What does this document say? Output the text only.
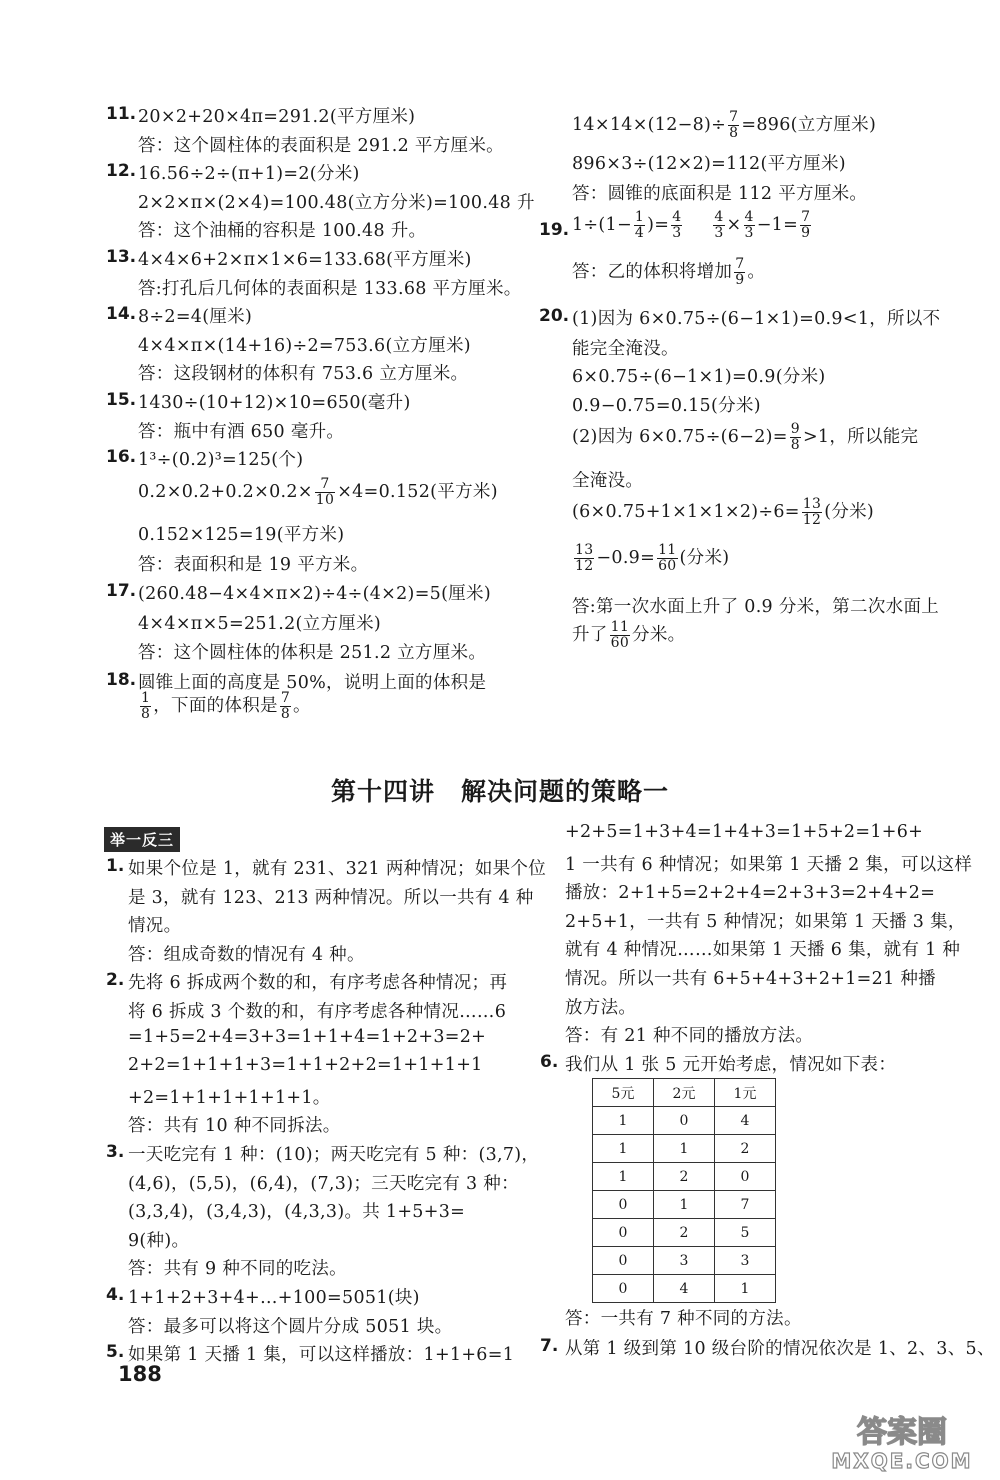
11. 20×2+20×4π=291.2(平方厘米)
答：这个圆柱体的表面积是 291.2 平方厘米。
12. 16.56÷2÷(π+1)=2(分米)
2×2×π×(2×4)=100.48(立方分米)=100.48 升
答：这个油桶的容积是 100.48 升。
13. 4×4×6+2×π×1×6=133.68(平方厘米)
答:打孔后几何体的表面积是 133.68 平方厘米。
14. 8÷2=4(厘米)
4×4×π×(14+16)÷2=753.6(立方厘米)
答：这段钢材的体积有 753.6 立方厘米。
15. 1430÷(10+12)×10=650(毫升)
答：瓶中有酒 650 毫升。
16. 1³÷(0.2)³=125(个)
$0.2\times 0.2+0.2\times 0.2\times \frac{7}{10} \times 4=0.152$(平方米)
0.152×125=19(平方米)
答：表面积和是 19 平方米。
17. (260.48−4×4×π×2)÷4÷(4×2)=5(厘米)
4×4×π×5=251.2(立方厘米)
答：这个圆柱体的体积是 251.2 立方厘米。
18. 圆锥上面的高度是 50%，说明上面的体积是
$\frac{1}{8}$ ，下面的体积是 $\frac{7}{8}$ 。
$14\times 14\times(12-8)\div \frac{7}{8} =896$(立方厘米)
896×3÷(12×2)=112(平方厘米)
答：圆锥的底面积是 112 平方厘米。
19. $1\div(1- \frac{1}{4}$ )= $\frac{4}{3}$
   $\frac{4}{3} \times \frac{4}{3} -1= \frac{7}{9}$
答：乙的体积将增加 $\frac{7}{9}$ 。
20. (1)因为 6×0.75÷(6−1×1)=0.9<1，所以不
能完全淹没。
6×0.75÷(6−1×1)=0.9(分米)
0.9−0.75=0.15(分米)
(2)因为 $6\times 0.75\div(6-2)= \frac{9}{8} >1$，所以能完
全淹没。
$(6\times 0.75+1\times 1\times 1\times 2)\div 6= \frac{13}{12}$ (分米)
$\frac{13}{12} -0.9= \frac{11}{60}$ (分米)
答:第一次水面上升了 0.9 分米，第二次水面上
升了 $\frac{11}{60}$ 分米。
第十四讲　解决问题的策略一
举一反三
1. 如果个位是 1，就有 231、321 两种情况；如果个位
是 3，就有 123、213 两种情况。所以一共有 4 种
情况。
答：组成奇数的情况有 4 种。
2. 先将 6 拆成两个数的和，有序考虑各种情况；再
将 6 拆成 3 个数的和，有序考虑各种情况……6
=1+5=2+4=3+3=1+1+4=1+2+3=2+
2+2=1+1+1+3=1+1+2+2=1+1+1+1
+2=1+1+1+1+1+1。
答：共有 10 种不同拆法。
3. 一天吃完有 1 种：(10)；两天吃完有 5 种：(3,7)，
(4,6)，(5,5)，(6,4)，(7,3)；三天吃完有 3 种：
(3,3,4)，(3,4,3)，(4,3,3)。共 1+5+3=
9(种)。
答：共有 9 种不同的吃法。
4. 1+1+2+3+4+…+100=5051(块)
答：最多可以将这个圆片分成 5051 块。
5. 如果第 1 天播 1 集，可以这样播放：1+1+6=1
+2+5=1+3+4=1+4+3=1+5+2=1+6+
1 一共有 6 种情况；如果第 1 天播 2 集，可以这样
播放：2+1+5=2+2+4=2+3+3=2+4+2=
2+5+1，一共有 5 种情况；如果第 1 天播 3 集，
就有 4 种情况……如果第 1 天播 6 集，就有 1 种
情况。所以一共有 6+5+4+3+2+1=21 种播
放方法。
答：有 21 种不同的播放方法。
6. 我们从 1 张 5 元开始考虑，情况如下表：
5元	2元	1元
1	0	4
1	1	2
1	2	0
0	1	7
0	2	5
0	3	3
0	4	1
答：一共有 7 种不同的方法。
7. 从第 1 级到第 10 级台阶的情况依次是 1、2、3、5、
188
答案圈
MXQE.COM
